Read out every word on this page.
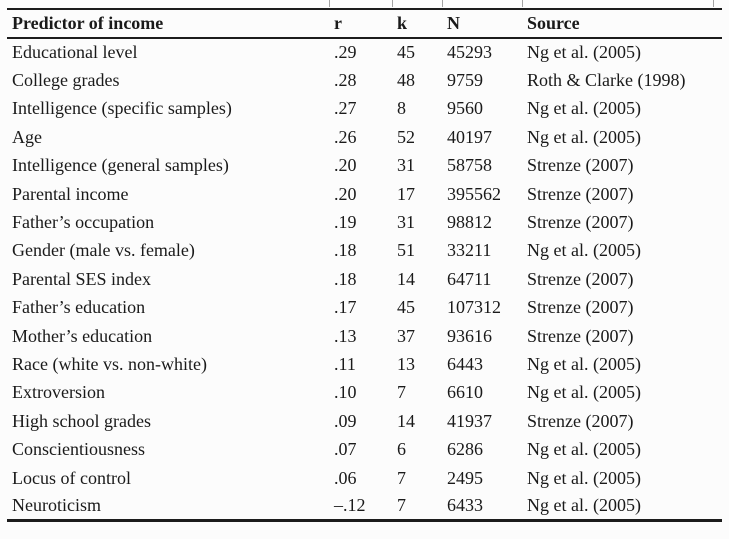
Predictor of income	r	k	N	Source
Educational level	.29	45	45293	Ng et al. (2005)
College grades	.28	48	9759	Roth & Clarke (1998)
Intelligence (specific samples)	.27	8	9560	Ng et al. (2005)
Age	.26	52	40197	Ng et al. (2005)
Intelligence (general samples)	.20	31	58758	Strenze (2007)
Parental income	.20	17	395562	Strenze (2007)
Father’s occupation	.19	31	98812	Strenze (2007)
Gender (male vs. female)	.18	51	33211	Ng et al. (2005)
Parental SES index	.18	14	64711	Strenze (2007)
Father’s education	.17	45	107312	Strenze (2007)
Mother’s education	.13	37	93616	Strenze (2007)
Race (white vs. non-white)	.11	13	6443	Ng et al. (2005)
Extroversion	.10	7	6610	Ng et al. (2005)
High school grades	.09	14	41937	Strenze (2007)
Conscientiousness	.07	6	6286	Ng et al. (2005)
Locus of control	.06	7	2495	Ng et al. (2005)
Neuroticism	–.12	7	6433	Ng et al. (2005)
